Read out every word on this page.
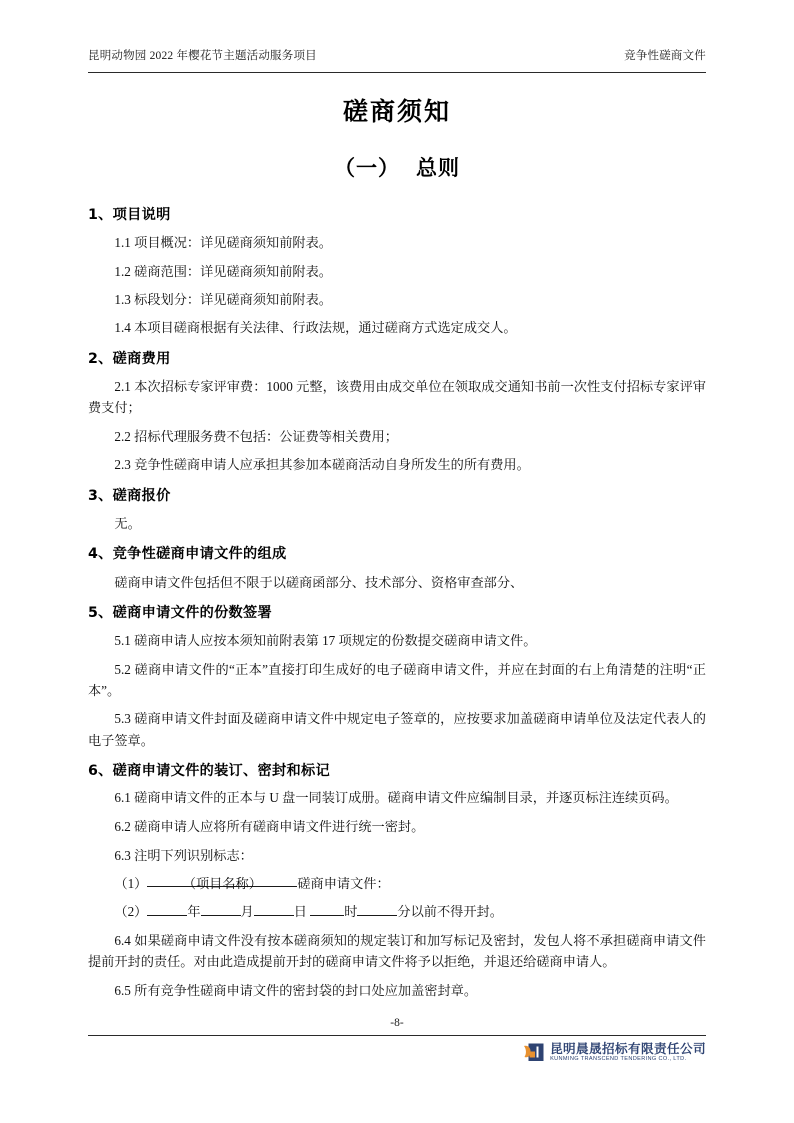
昆明动物园 2022 年樱花节主题活动服务项目	竞争性磋商文件
磋商须知
（一） 总则

1、项目说明

1.1 项目概况：详见磋商须知前附表。

1.2 磋商范围：详见磋商须知前附表。

1.3 标段划分：详见磋商须知前附表。

1.4 本项目磋商根据有关法律、行政法规，通过磋商方式选定成交人。

2、磋商费用

2.1 本次招标专家评审费：1000 元整，该费用由成交单位在领取成交通知书前一次性支付招标专家评审费支付；

2.2 招标代理服务费不包括：公证费等相关费用；

2.3 竞争性磋商申请人应承担其参加本磋商活动自身所发生的所有费用。

3、磋商报价

无。

4、竞争性磋商申请文件的组成

磋商申请文件包括但不限于以磋商函部分、技术部分、资格审查部分、

5、磋商申请文件的份数签署

5.1 磋商申请人应按本须知前附表第 17 项规定的份数提交磋商申请文件。

5.2 磋商申请文件的“正本”直接打印生成好的电子磋商申请文件，并应在封面的右上角清楚的注明“正本”。

5.3 磋商申请文件封面及磋商申请文件中规定电子签章的，应按要求加盖磋商申请单位及法定代表人的电子签章。

6、磋商申请文件的装订、密封和标记

6.1 磋商申请文件的正本与 U 盘一同装订成册。磋商申请文件应编制目录，并逐页标注连续页码。

6.2 磋商申请人应将所有磋商申请文件进行统一密封。

6.3 注明下列识别标志：

（1）	（项目名称）	磋商申请文件：

（2）	年	月	日	时	分以前不得开封。

6.4 如果磋商申请文件没有按本磋商须知的规定装订和加写标记及密封，发包人将不承担磋商申请文件提前开封的责任。对由此造成提前开封的磋商申请文件将予以拒绝，并退还给磋商申请人。

6.5 所有竞争性磋商申请文件的密封袋的封口处应加盖密封章。

-8-
昆明晨晟招标有限责任公司
KUNMING TRANSCEND TENDERING CO., LTD.
